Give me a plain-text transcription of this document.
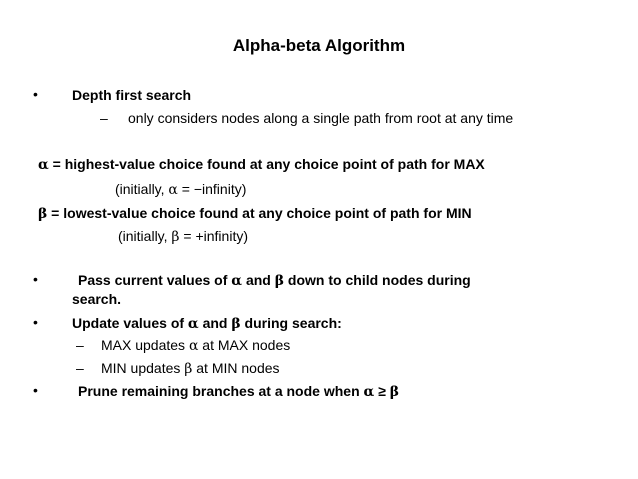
Alpha-beta Algorithm
• Depth first search
– only considers nodes along a single path from root at any time
α = highest-value choice found at any choice point of path for MAX
(initially, α = −infinity)
β = lowest-value choice found at any choice point of path for MIN
(initially, β = +infinity)
•	Pass current values of α and β down to child nodes during
search.
• Update values of α and β during search:
– MAX updates α at MAX nodes
– MIN updates β at MIN nodes
•	Prune remaining branches at a node when α ≥ β
